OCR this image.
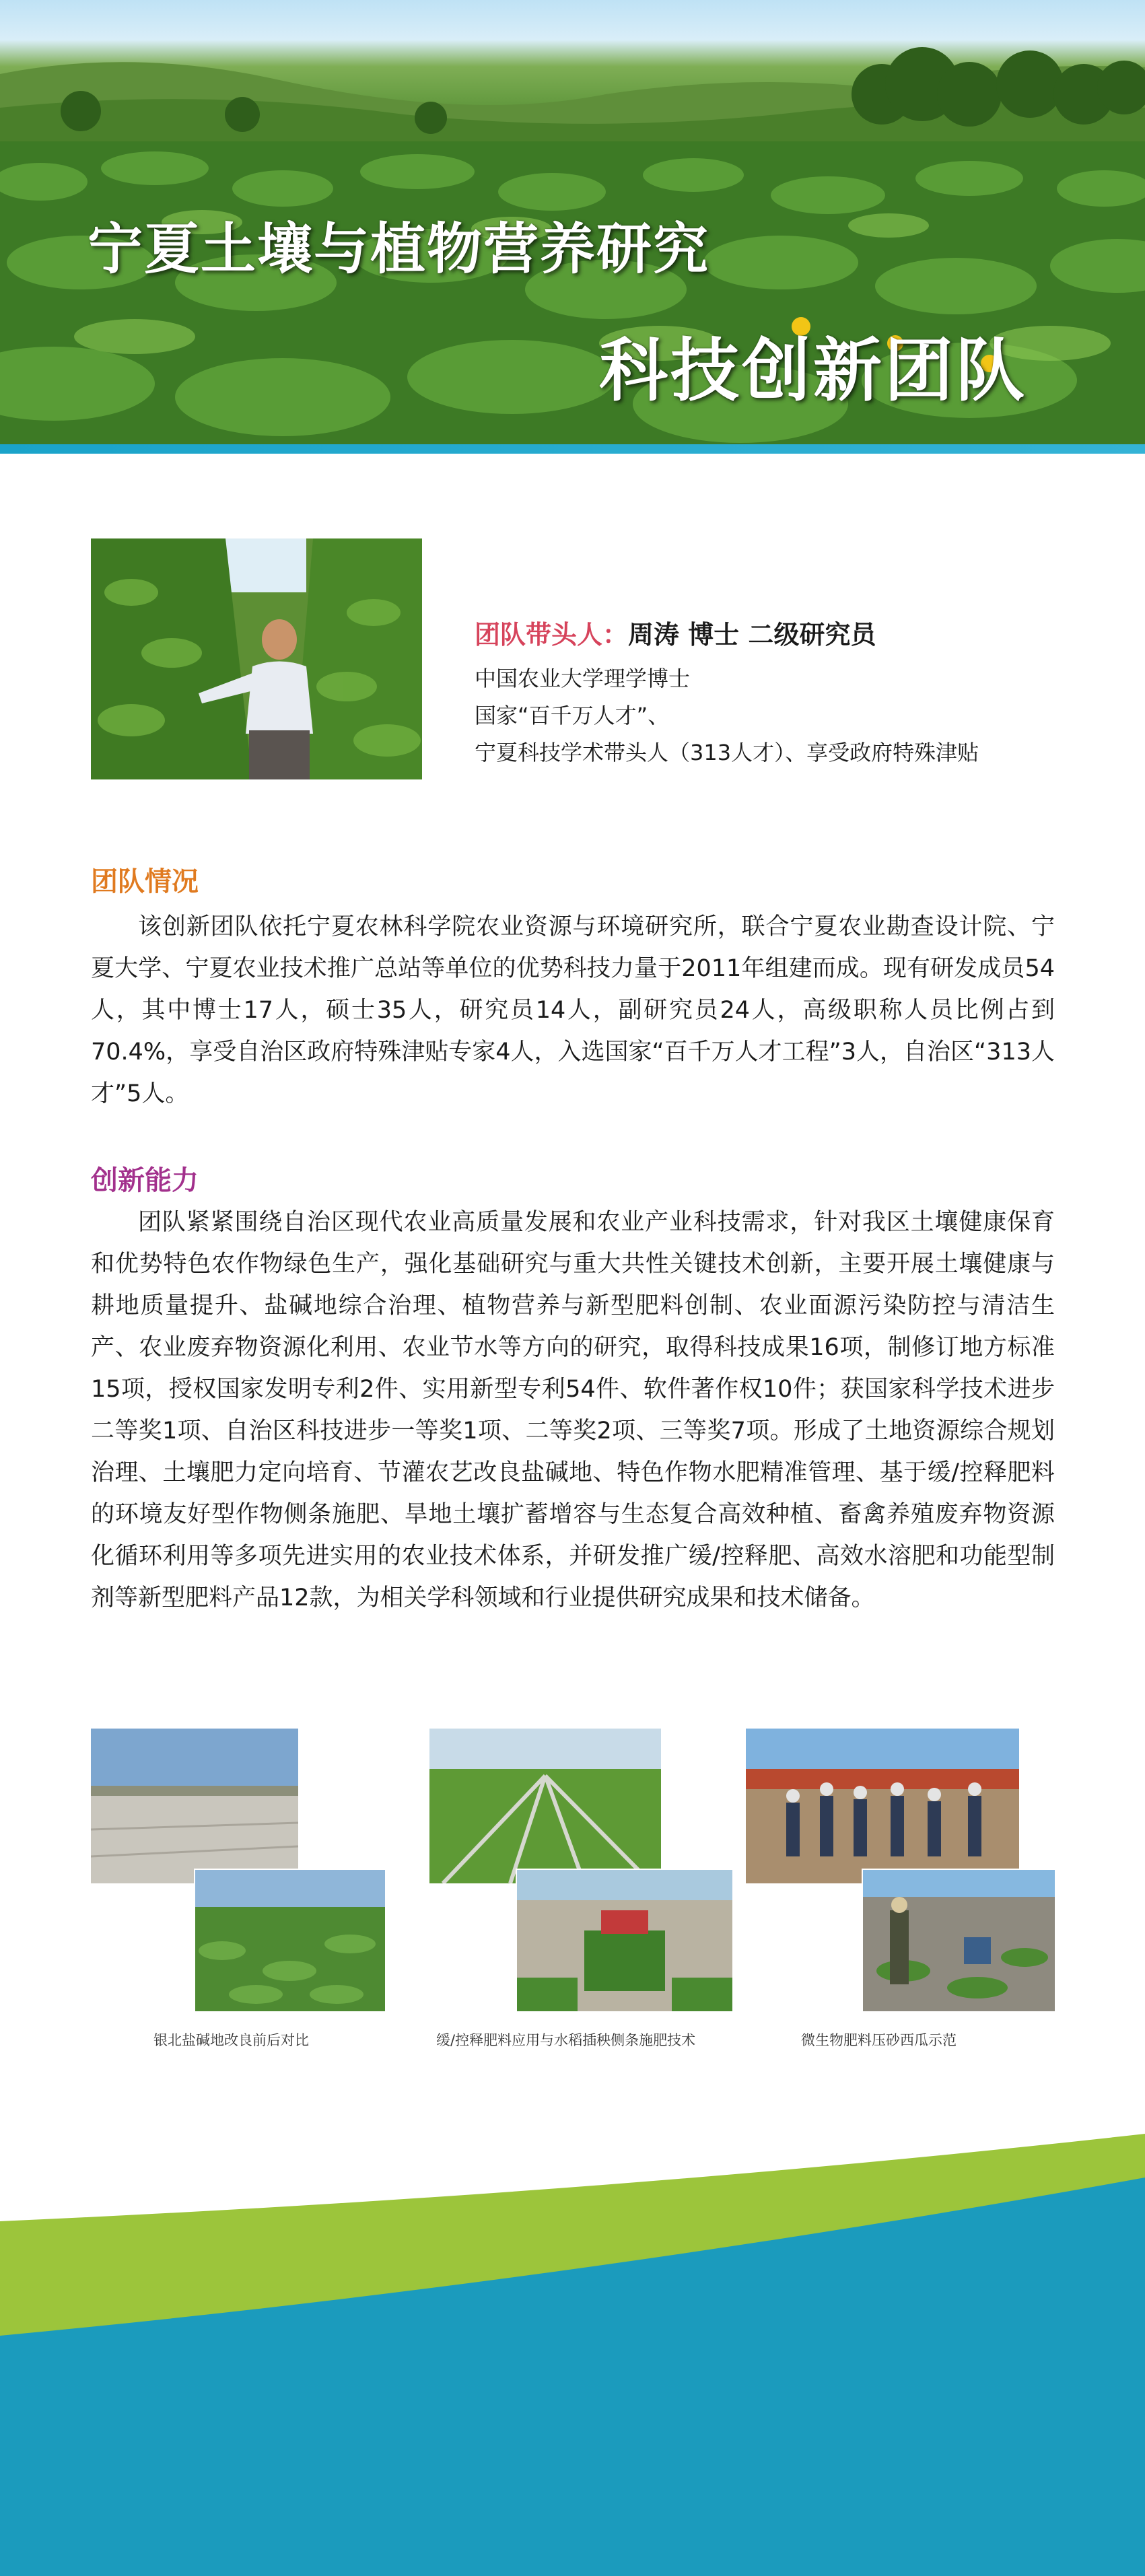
宁夏土壤与植物营养研究
科技创新团队

团队带头人：周涛 博士 二级研究员

中国农业大学理学博士

国家“百千万人才”、

宁夏科技学术带头人（313人才）、享受政府特殊津贴

团队情况

该创新团队依托宁夏农林科学院农业资源与环境研究所，联合宁夏农业勘查设计院、宁夏大学、宁夏农业技术推广总站等单位的优势科技力量于2011年组建而成。现有研发成员54人，其中博士17人，硕士35人，研究员14人，副研究员24人，高级职称人员比例占到70.4%，享受自治区政府特殊津贴专家4人，入选国家“百千万人才工程”3人，自治区“313人才”5人。

创新能力

团队紧紧围绕自治区现代农业高质量发展和农业产业科技需求，针对我区土壤健康保育和优势特色农作物绿色生产，强化基础研究与重大共性关键技术创新，主要开展土壤健康与耕地质量提升、盐碱地综合治理、植物营养与新型肥料创制、农业面源污染防控与清洁生产、农业废弃物资源化利用、农业节水等方向的研究，取得科技成果16项，制修订地方标准15项，授权国家发明专利2件、实用新型专利54件、软件著作权10件；获国家科学技术进步二等奖1项、自治区科技进步一等奖1项、二等奖2项、三等奖7项。形成了土地资源综合规划治理、土壤肥力定向培育、节灌农艺改良盐碱地、特色作物水肥精准管理、基于缓/控释肥料的环境友好型作物侧条施肥、旱地土壤扩蓄增容与生态复合高效种植、畜禽养殖废弃物资源化循环利用等多项先进实用的农业技术体系，并研发推广缓/控释肥、高效水溶肥和功能型制剂等新型肥料产品12款，为相关学科领域和行业提供研究成果和技术储备。

银北盐碱地改良前后对比	缓/控释肥料应用与水稻插秧侧条施肥技术	微生物肥料压砂西瓜示范
